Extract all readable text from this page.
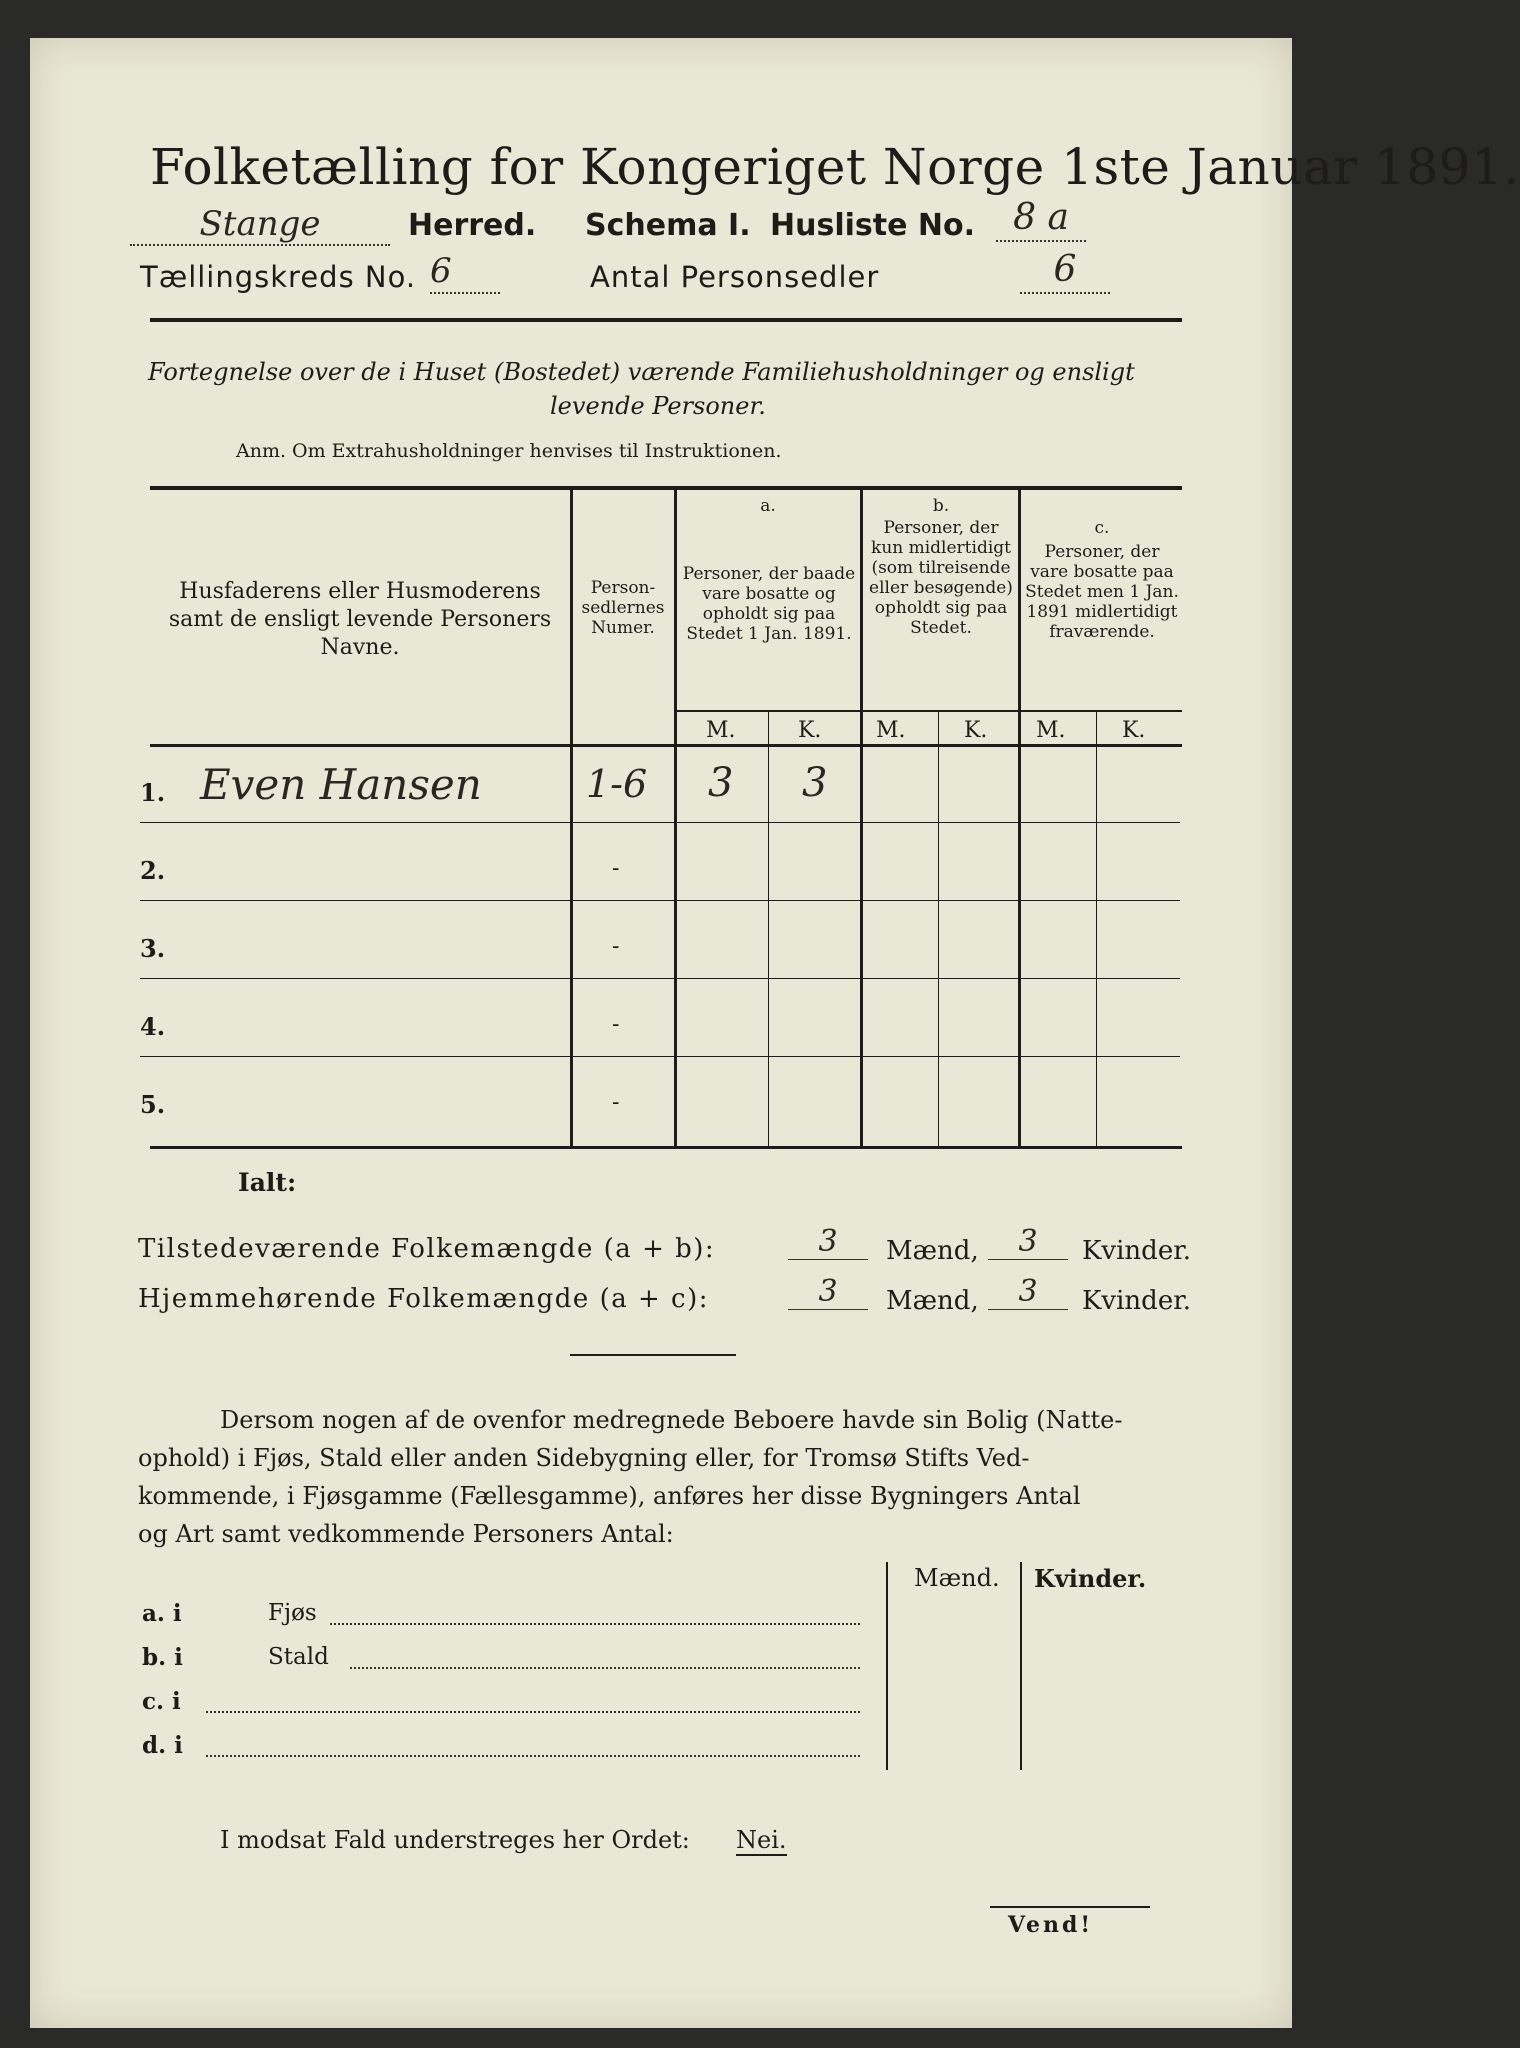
Folketælling for Kongeriget Norge 1ste Januar 1891.
Stange	Herred. Schema I. Husliste No.	8 a
Tællingskreds No. 6	Antal Personsedler	6
Fortegnelse over de i Huset (Bostedet) værende Familiehusholdninger og ensligt
levende Personer.
Anm. Om Extrahusholdninger henvises til Instruktionen.
Husfaderens eller Husmoderens samt de ensligt levende Personers Navne.
Person-sedlernes Numer.
a.
Personer, der baade vare bosatte og opholdt sig paa Stedet 1 Jan. 1891.
b.
Personer, der kun midlertidigt (som tilreisende eller besøgende) opholdt sig paa Stedet.
c.
Personer, der vare bosatte paa Stedet men 1 Jan. 1891 midlertidigt fraværende.
M.	K. M.	K. M.	K.
1. Even Hansen	1-6 3 3
2.	-
3.	-
4.	-
5.	-
Ialt:
Tilstedeværende Folkemængde (a + b):	3	Mænd,	3	Kvinder.
Hjemmehørende Folkemængde (a + c):	3	Mænd,	3	Kvinder.
Dersom nogen af de ovenfor medregnede Beboere havde sin Bolig (Natte-
ophold) i Fjøs, Stald eller anden Sidebygning eller, for Tromsø Stifts Ved-
kommende, i Fjøsgamme (Fællesgamme), anføres her disse Bygningers Antal
og Art samt vedkommende Personers Antal:
Mænd. Kvinder.
a. i	Fjøs
b. i	Stald
c. i
d. i
I modsat Fald understreges her Ordet: Nei.
Vend!
